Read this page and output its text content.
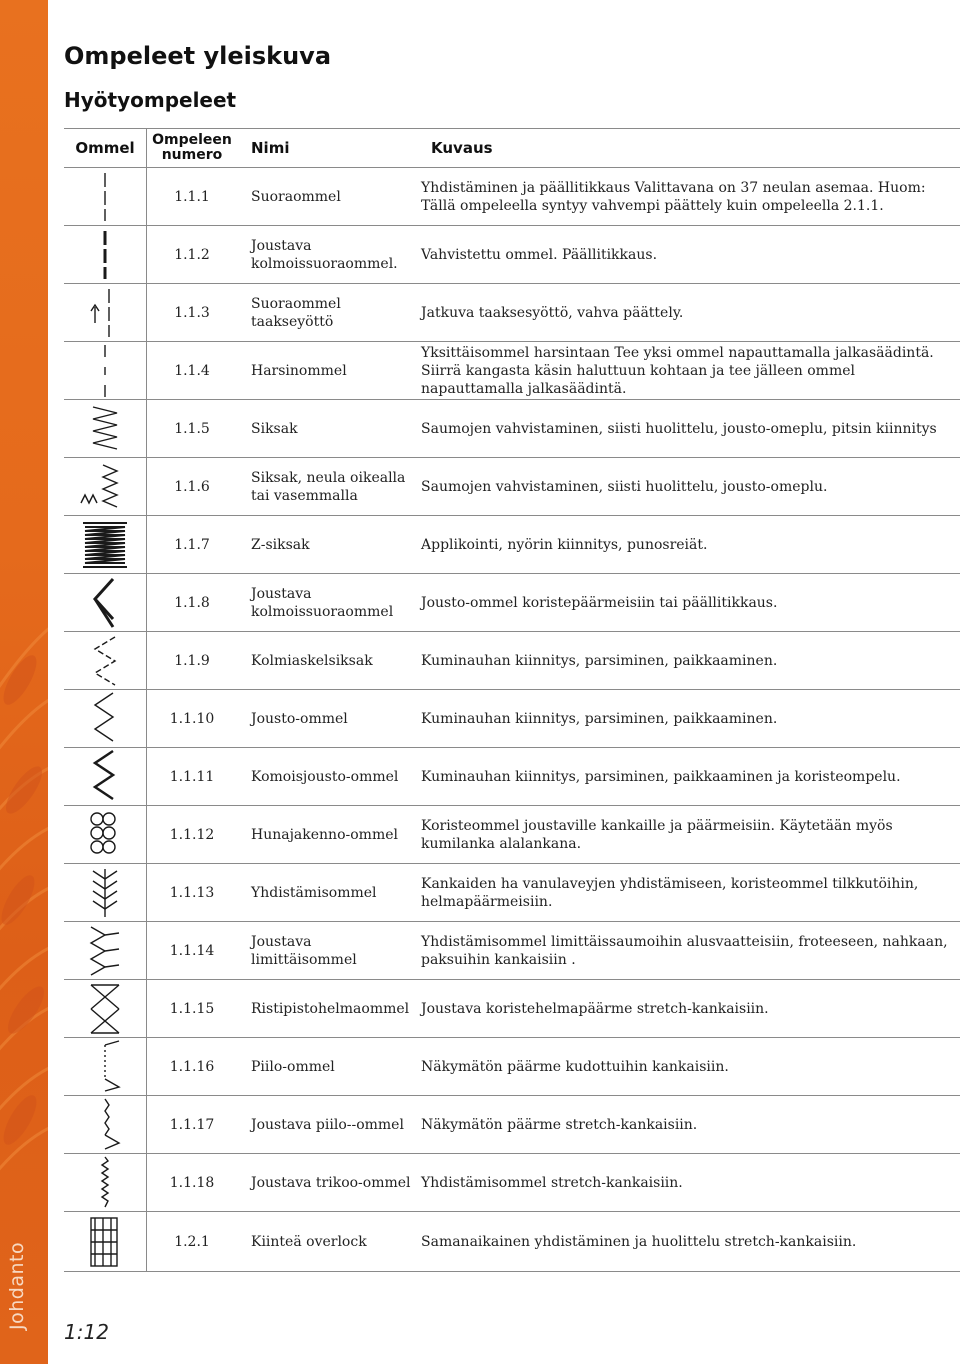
Johdanto
Ompeleet yleiskuva
Hyötyompeleet
Ommel	Ompeleen numero	Nimi	Kuvaus

	1.1.1	Suoraommel	Yhdistäminen ja päällitikkaus Valittavana on 37 neulan asemaa. Huom: Tällä ompeleella syntyy vahvempi päättely kuin ompeleella 2.1.1.

	1.1.2	Joustava kolmoissuoraommel.	Vahvistettu ommel. Päällitikkaus.

	1.1.3	Suoraommel taakseyöttö	Jatkuva taaksesyöttö, vahva päättely.

	1.1.4	Harsinommel	Yksittäisommel harsintaan Tee yksi ommel napauttamalla jalkasäädintä. Siirrä kangasta käsin haluttuun kohtaan ja tee jälleen ommel napauttamalla jalkasäädintä.

	1.1.5	Siksak	Saumojen vahvistaminen, siisti huolittelu, jousto-omeplu, pitsin kiinnitys

	1.1.6	Siksak, neula oikealla tai vasemmalla	Saumojen vahvistaminen, siisti huolittelu, jousto-omeplu.

	1.1.7	Z-siksak	Applikointi, nyörin kiinnitys, punosreiät.

	1.1.8	Joustava kolmoissuoraommel	Jousto-ommel koristepäärmeisiin tai päällitikkaus.

	1.1.9	Kolmiaskelsiksak	Kuminauhan kiinnitys, parsiminen, paikkaaminen.

	1.1.10	Jousto-ommel	Kuminauhan kiinnitys, parsiminen, paikkaaminen.

	1.1.11	Komoisjousto-ommel	Kuminauhan kiinnitys, parsiminen, paikkaaminen ja koristeompelu.

	1.1.12	Hunajakenno-ommel	Koristeommel joustaville kankaille ja päärmeisiin. Käytetään myös kumilanka alalankana.

	1.1.13	Yhdistämisommel	Kankaiden ha vanulaveyjen yhdistämiseen, koristeommel tilkkutöihin, helmapäärmeisiin.

	1.1.14	Joustava limittäisommel	Yhdistämisommel limittäissaumoihin alusvaatteisiin, froteeseen, nahkaan, paksuihin kankaisiin .

	1.1.15	Ristipistohelmaommel	Joustava koristehelmapäärme stretch-kankaisiin.

	1.1.16	Piilo-ommel	Näkymätön päärme kudottuihin kankaisiin.

	1.1.17	Joustava piilo--ommel	Näkymätön päärme stretch-kankaisiin.

	1.1.18	Joustava trikoo-ommel	Yhdistämisommel stretch-kankaisiin.

	1.2.1	Kiinteä overlock	Samanaikainen yhdistäminen ja huolittelu stretch-kankaisiin.
1:12
